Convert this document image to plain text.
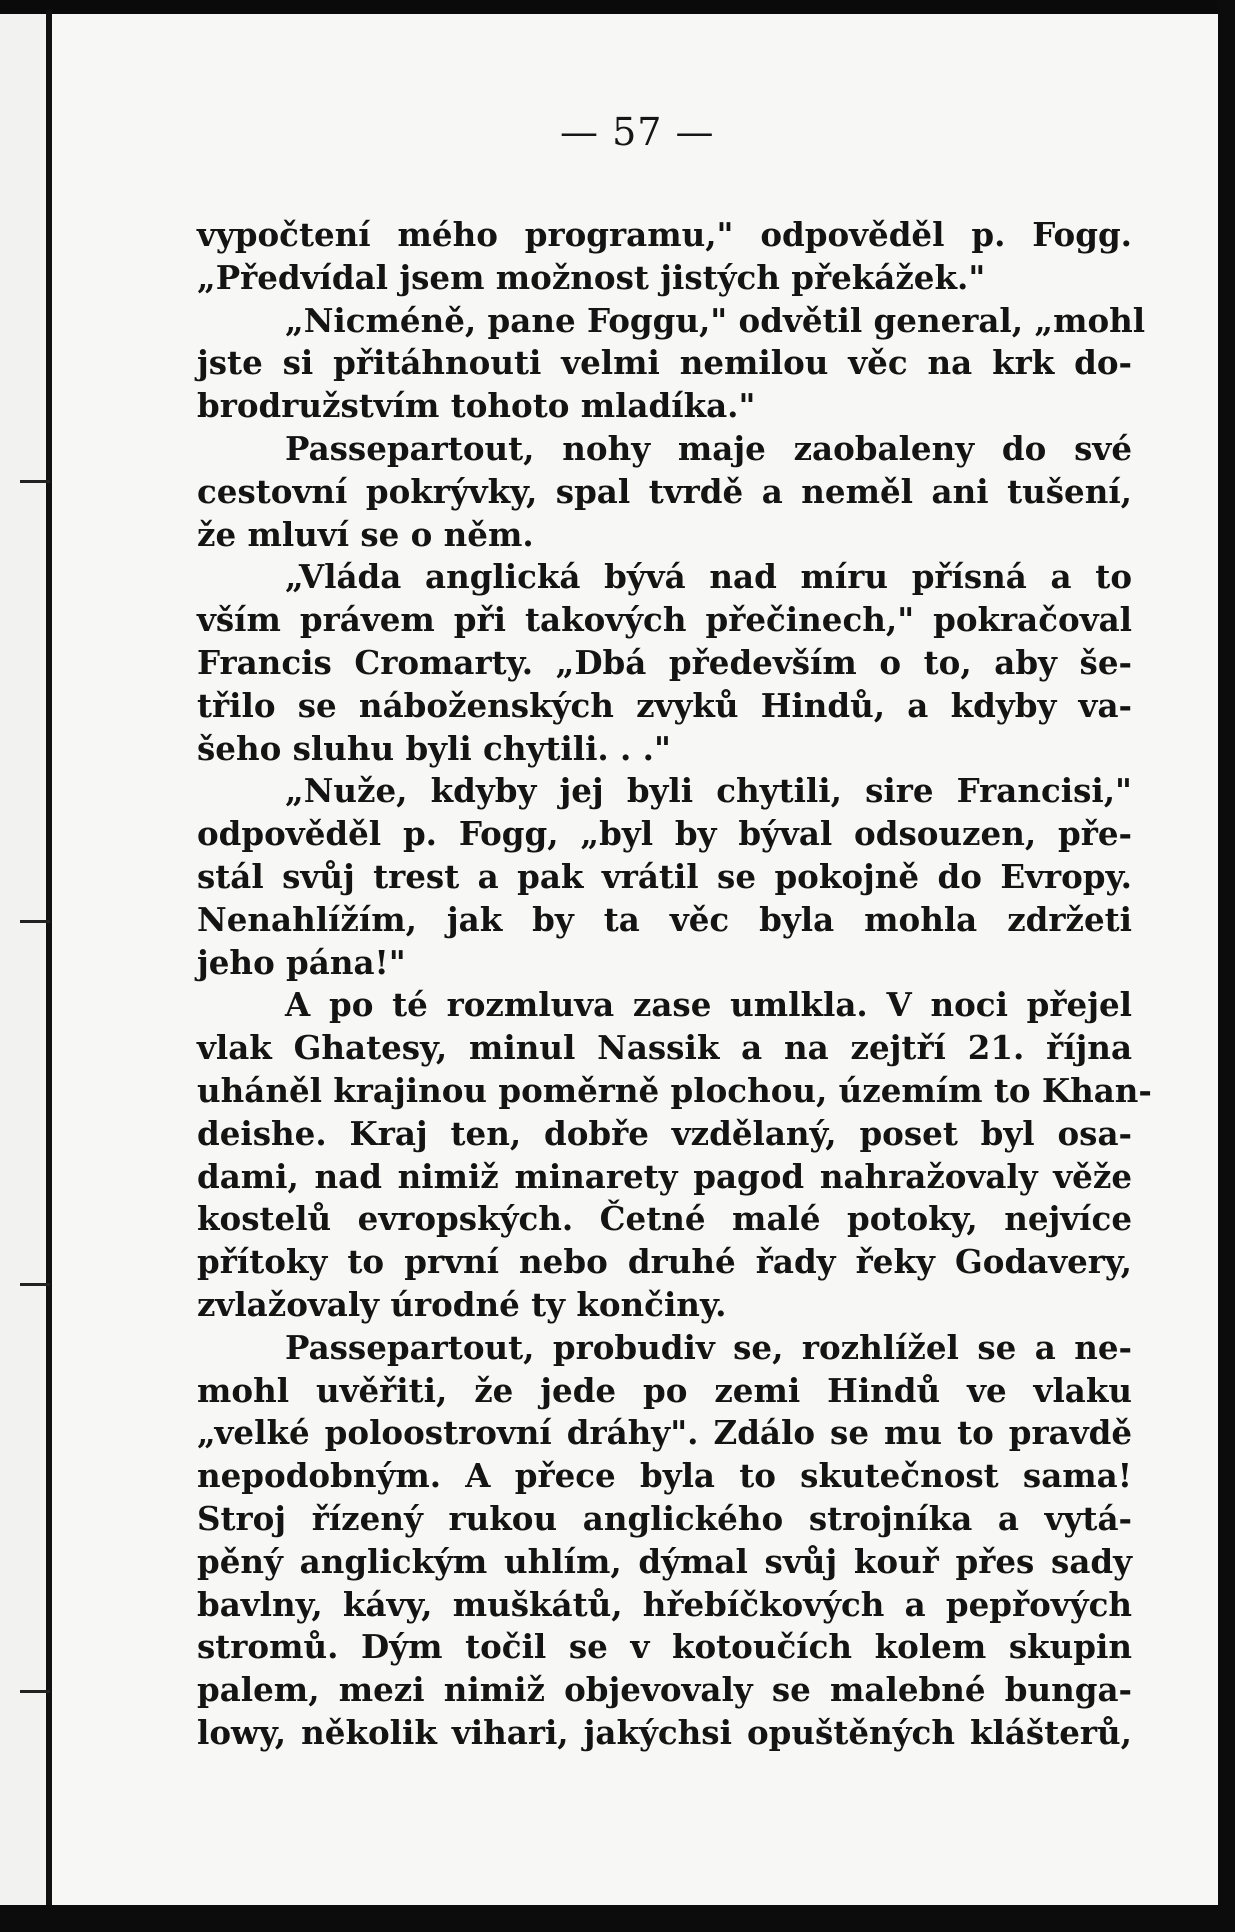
— 57 —
vypočtení mého programu," odpověděl p. Fogg.
„Předvídal jsem možnost jistých překážek."
„Nicméně, pane Foggu," odvětil general, „mohl
jste si přitáhnouti velmi nemilou věc na krk do-
brodružstvím tohoto mladíka."
Passepartout, nohy maje zaobaleny do své
cestovní pokrývky, spal tvrdě a neměl ani tušení,
že mluví se o něm.
„Vláda anglická bývá nad míru přísná a to
vším právem při takových přečinech," pokračoval
Francis Cromarty. „Dbá především o to, aby še-
třilo se náboženských zvyků Hindů, a kdyby va-
šeho sluhu byli chytili. . ."
„Nuže, kdyby jej byli chytili, sire Francisi,"
odpověděl p. Fogg, „byl by býval odsouzen, pře-
stál svůj trest a pak vrátil se pokojně do Evropy.
Nenahlížím, jak by ta věc byla mohla zdržeti
jeho pána!"
A po té rozmluva zase umlkla. V noci přejel
vlak Ghatesy, minul Nassik a na zejtří 21. října
uháněl krajinou poměrně plochou, územím to Khan-
deishe. Kraj ten, dobře vzdělaný, poset byl osa-
dami, nad nimiž minarety pagod nahražovaly věže
kostelů evropských. Četné malé potoky, nejvíce
přítoky to první nebo druhé řady řeky Godavery,
zvlažovaly úrodné ty končiny.
Passepartout, probudiv se, rozhlížel se a ne-
mohl uvěřiti, že jede po zemi Hindů ve vlaku
„velké poloostrovní dráhy". Zdálo se mu to pravdě
nepodobným. A přece byla to skutečnost sama!
Stroj řízený rukou anglického strojníka a vytá-
pěný anglickým uhlím, dýmal svůj kouř přes sady
bavlny, kávy, muškátů, hřebíčkových a pepřových
stromů. Dým točil se v kotoučích kolem skupin
palem, mezi nimiž objevovaly se malebné bunga-
lowy, několik vihari, jakýchsi opuštěných klášterů,
